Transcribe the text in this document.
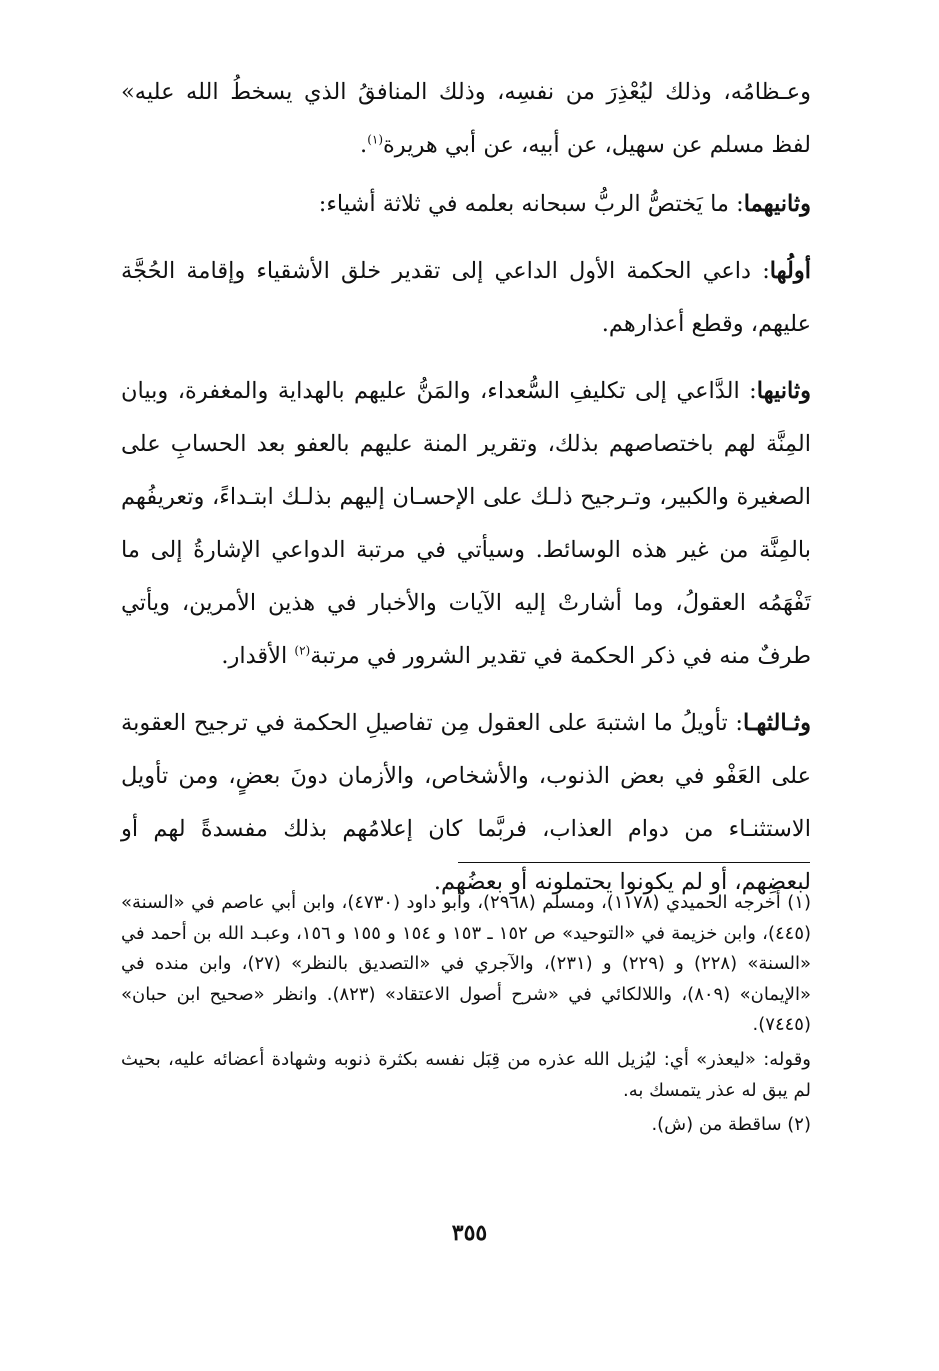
وعـظامُه، وذلك ليُعْذِرَ من نفسِه، وذلك المنافقُ الذي يسخطُ الله عليه» لفظ مسلم عن سهيل، عن أبيه، عن أبي هريرة$^{(١)}$.

وثانيهما: ما يَختصُّ الربُّ سبحانه بعلمه في ثلاثة أشياء:

أولُها: داعي الحكمة الأول الداعي إلى تقدير خلق الأشقياء وإقامة الحُجَّة عليهم، وقطع أعذارهم.

وثانيها: الدَّاعي إلى تكليفِ السُّعداء، والمَنُّ عليهم بالهداية والمغفرة، وبيان المِنَّة لهم باختصاصهم بذلك، وتقرير المنة عليهم بالعفو بعد الحسابِ على الصغيرة والكبير، وتـرجيح ذلـك على الإحسـان إليهم بذلـك ابتـداءً، وتعريفُهم بالمِنَّة من غير هذه الوسائط. وسيأتي في مرتبة الدواعي الإشارةُ إلى ما تَفْهَمُه العقولُ، وما أشارتْ إليه الآيات والأخبار في هذين الأمرين، ويأتي طرفٌ منه في ذكر الحكمة في تقدير الشرور في مرتبة$^{(٢)}$ الأقدار.

وثـالثهـا: تأويلُ ما اشتبهَ على العقول مِن تفاصيلِ الحكمة في ترجيح العقوبة على العَفْو في بعض الذنوب، والأشخاص، والأزمان دونَ بعضٍ، ومن تأويل الاستثنـاء من دوام العذاب، فربَّما كان إعلامُهم بذلك مفسدةً لهم أو لبعضِهم، أو لم يكونوا يحتملونه أو بعضُهم.

(١) أخرجه الحميدي (١١٧٨)، ومسلم (٢٩٦٨)، وأبو داود (٤٧٣٠)، وابن أبي عاصم في «السنة» (٤٤٥)، وابن خزيمة في «التوحيد» ص ١٥٢ ـ ١٥٣ و ١٥٤ و ١٥٥ و ١٥٦، وعبـد الله بن أحمد في «السنة» (٢٢٨) و (٢٢٩) و (٢٣١)، والآجري في «التصديق بالنظر» (٢٧)، وابن منده في «الإيمان» (٨٠٩)، واللالكائي في «شرح أصول الاعتقاد» (٨٢٣). وانظر «صحيح ابن حبان» (٧٤٤٥).

وقوله: «ليعذر» أي: ليُزيل الله عذره من قِبَل نفسه بكثرة ذنوبه وشهادة أعضائه عليه، بحيث لم يبق له عذر يتمسك به.

(٢) ساقطة من (ش).

٣٥٥
